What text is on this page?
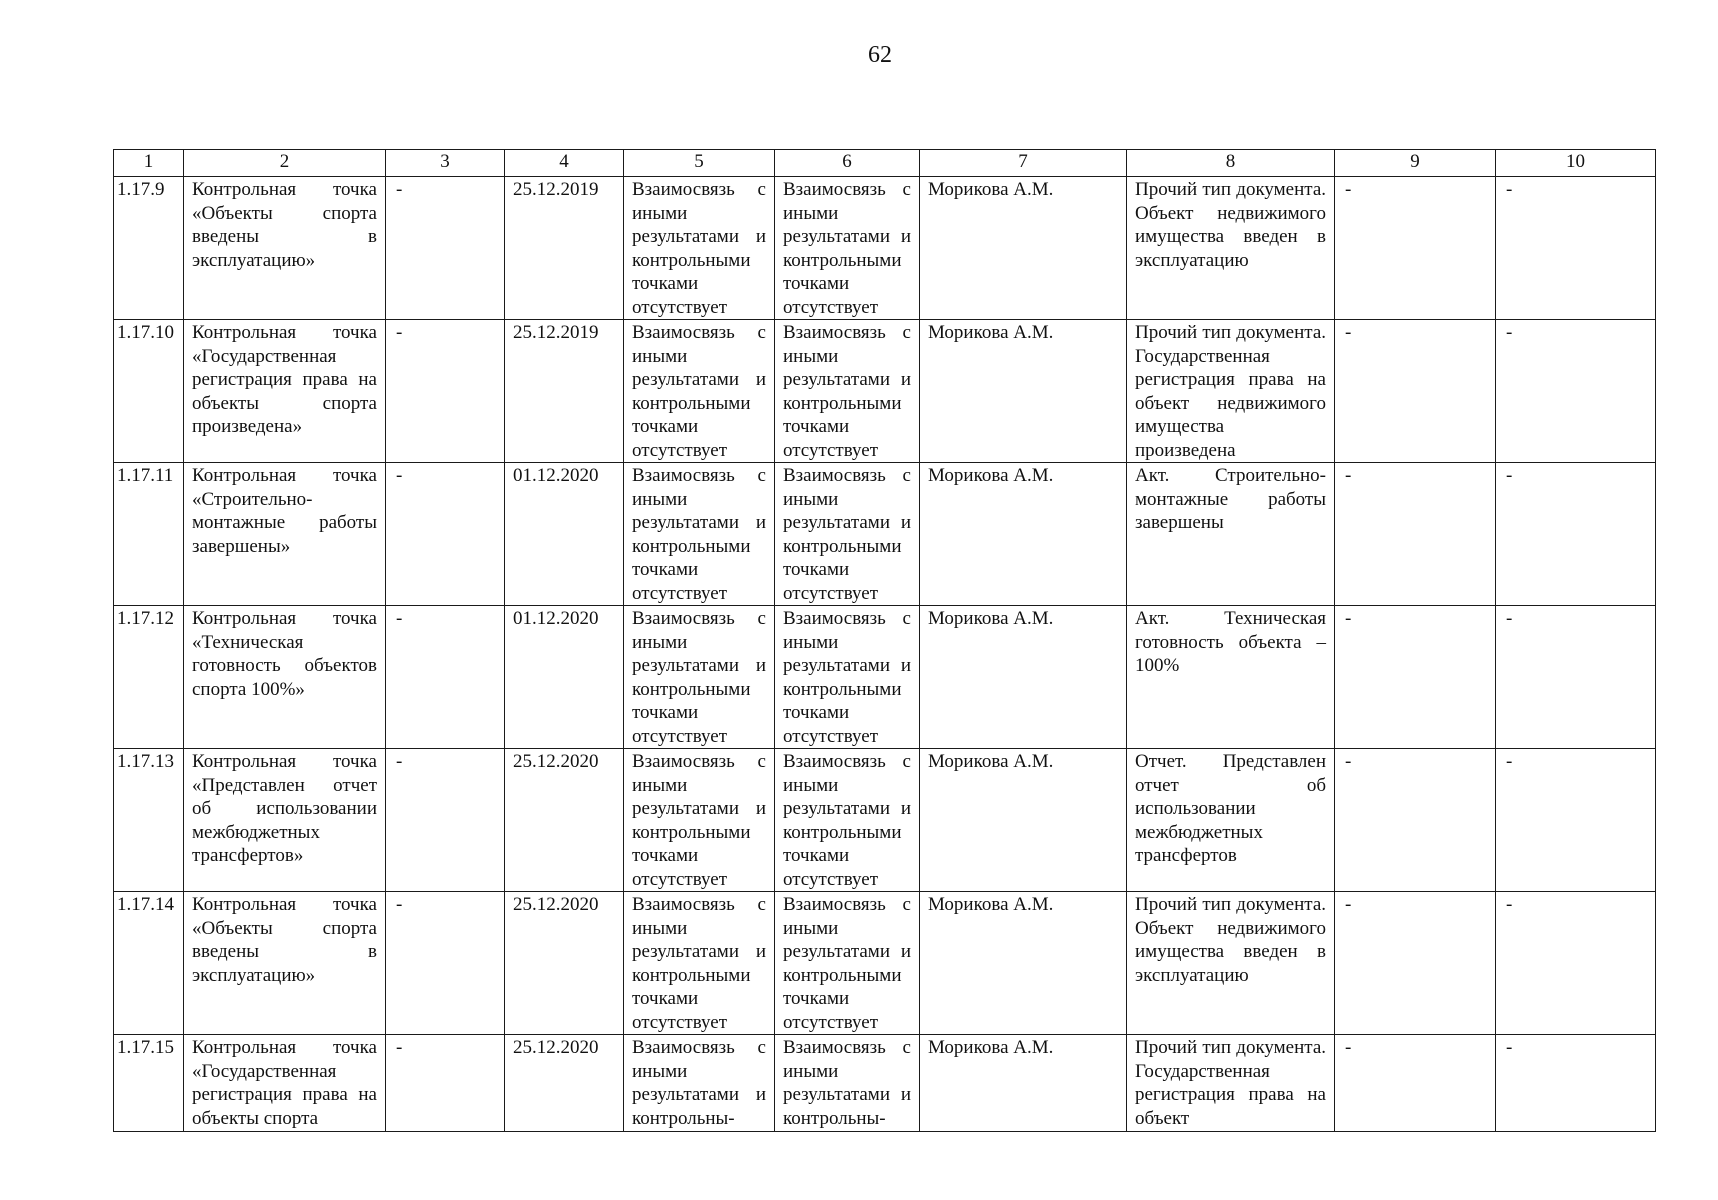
62
1	2	3	4	5	6	7	8	9	10
1.17.9	Контрольная точка «Объекты спорта введены в эксплуатацию»	-	25.12.2019	Взаимосвязь с иными результатами и контрольными точками отсутствует	Взаимосвязь с иными результатами и контрольными точками отсутствует	Морикова А.М.	Прочий тип документа. Объект недвижимого имущества введен в эксплуатацию	-	-
1.17.10	Контрольная точка «Государственная регистрация права на объекты спорта произведена»	-	25.12.2019	Взаимосвязь с иными результатами и контрольными точками отсутствует	Взаимосвязь с иными результатами и контрольными точками отсутствует	Морикова А.М.	Прочий тип документа. Государственная регистрация права на объект недвижимого имущества произведена	-	-
1.17.11	Контрольная точка «Строительно-монтажные работы завершены»	-	01.12.2020	Взаимосвязь с иными результатами и контрольными точками отсутствует	Взаимосвязь с иными результатами и контрольными точками отсутствует	Морикова А.М.	Акт. Строительно-монтажные работы завершены	-	-
1.17.12	Контрольная точка «Техническая готовность объектов спорта 100%»	-	01.12.2020	Взаимосвязь с иными результатами и контрольными точками отсутствует	Взаимосвязь с иными результатами и контрольными точками отсутствует	Морикова А.М.	Акт. Техническая готовность объекта – 100%	-	-
1.17.13	Контрольная точка «Представлен отчет об использовании межбюджетных трансфертов»	-	25.12.2020	Взаимосвязь с иными результатами и контрольными точками отсутствует	Взаимосвязь с иными результатами и контрольными точками отсутствует	Морикова А.М.	Отчет. Представлен отчет об использовании межбюджетных трансфертов	-	-
1.17.14	Контрольная точка «Объекты спорта введены в эксплуатацию»	-	25.12.2020	Взаимосвязь с иными результатами и контрольными точками отсутствует	Взаимосвязь с иными результатами и контрольными точками отсутствует	Морикова А.М.	Прочий тип документа. Объект недвижимого имущества введен в эксплуатацию	-	-
1.17.15	Контрольная точка «Государственная регистрация права на объекты спорта	-	25.12.2020	Взаимосвязь с иными результатами и контрольны-	Взаимосвязь с иными результатами и контрольны-	Морикова А.М.	Прочий тип документа. Государственная регистрация права на объект	-	-
